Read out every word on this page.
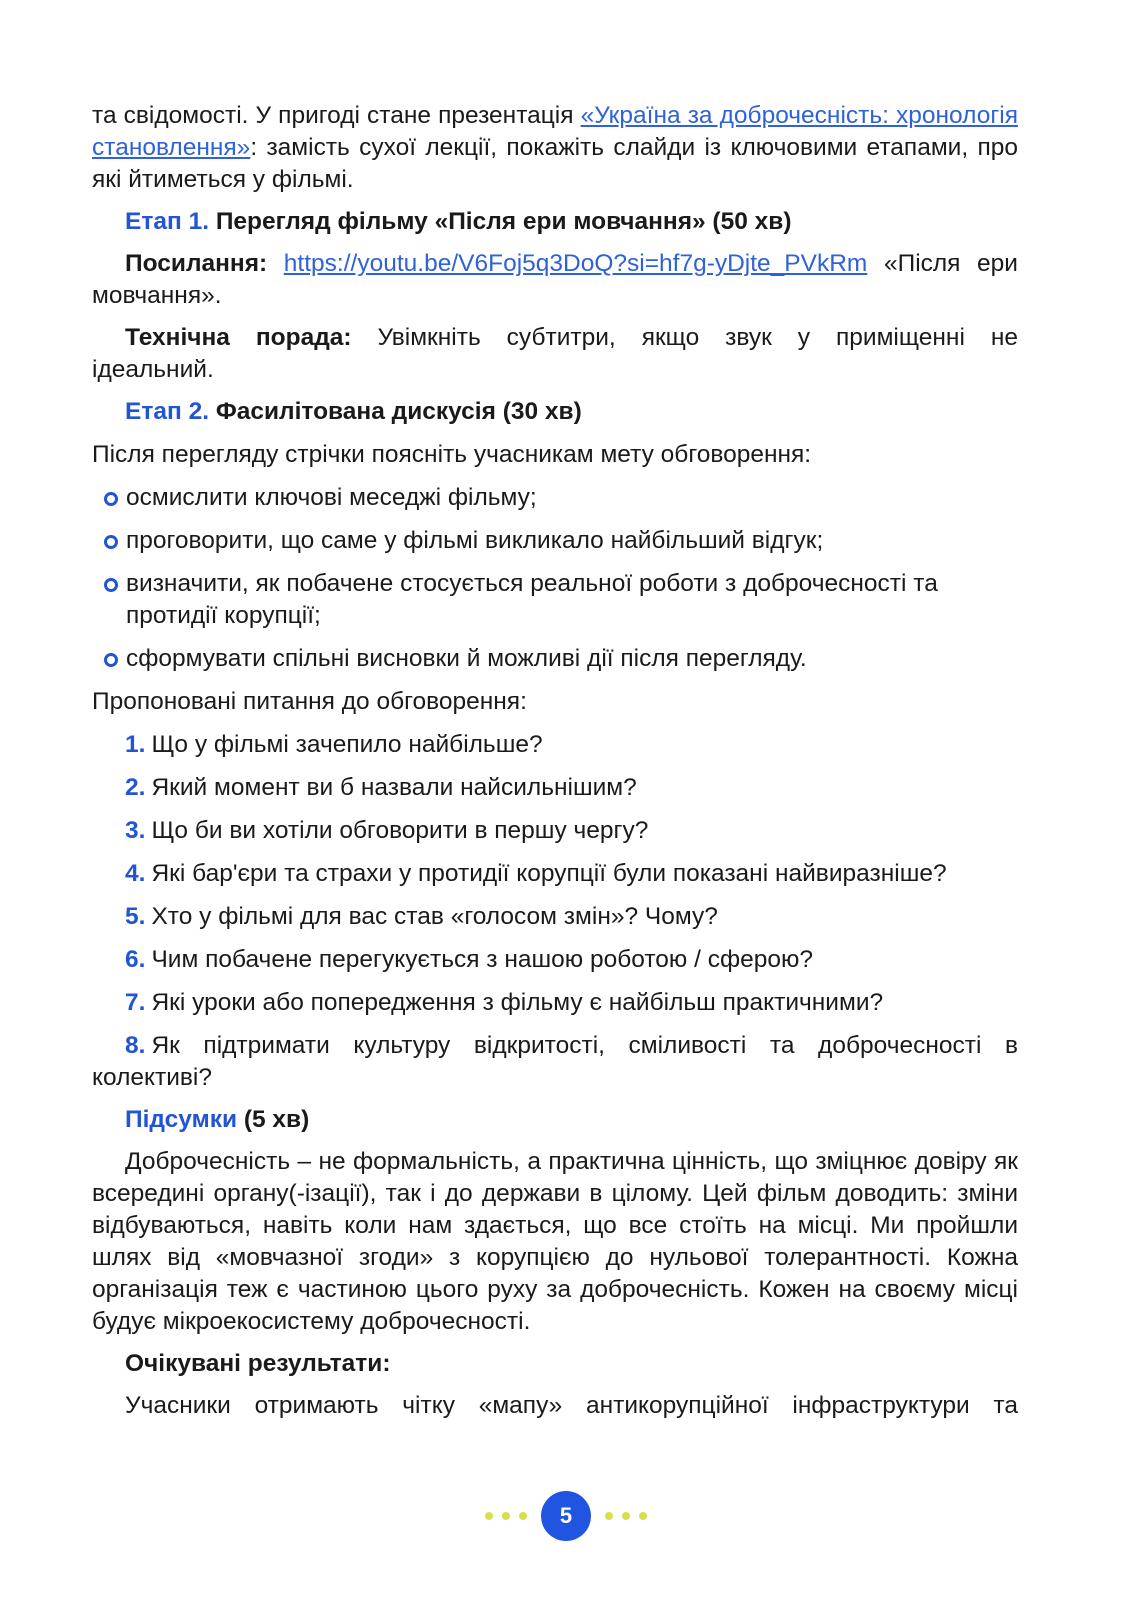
та свідомості. У пригоді стане презентація «Україна за доброчесність: хронологія становлення»: замість сухої лекції, покажіть слайди із ключовими етапами, про які йтиметься у фільмі.

Етап 1. Перегляд фільму «Після ери мовчання» (50 хв)

Посилання: https://youtu.be/V6Foj5q3DoQ?si=hf7g-yDjte_PVkRm «Після ери мовчання».

Технічна порада: Увімкніть субтитри, якщо звук у приміщенні не ідеальний.

Етап 2. Фасилітована дискусія (30 хв)

Після перегляду стрічки поясніть учасникам мету обговорення:

осмислити ключові меседжі фільму;
проговорити, що саме у фільмі викликало найбільший відгук;
визначити, як побачене стосується реальної роботи з доброчесності та протидії корупції;
сформувати спільні висновки й можливі дії після перегляду.

Пропоновані питання до обговорення:

1. Що у фільмі зачепило найбільше?
2. Який момент ви б назвали найсильнішим?
3. Що би ви хотіли обговорити в першу чергу?
4. Які бар'єри та страхи у протидії корупції були показані найвиразніше?
5. Хто у фільмі для вас став «голосом змін»? Чому?
6. Чим побачене перегукується з нашою роботою / сферою?
7. Які уроки або попередження з фільму є найбільш практичними?
8. Як підтримати культуру відкритості, сміливості та доброчесності в колективі?

Підсумки (5 хв)

Доброчесність – не формальність, а практична цінність, що зміцнює довіру як всередині органу(-ізації), так і до держави в цілому. Цей фільм доводить: зміни відбуваються, навіть коли нам здається, що все стоїть на місці. Ми пройшли шлях від «мовчазної згоди» з корупцією до нульової толерантності. Кожна організація теж є частиною цього руху за доброчесність. Кожен на своєму місці будує мікроекосистему доброчесності.

Очікувані результати:

Учасники отримають чітку «мапу» антикорупційної інфраструктури та

5
